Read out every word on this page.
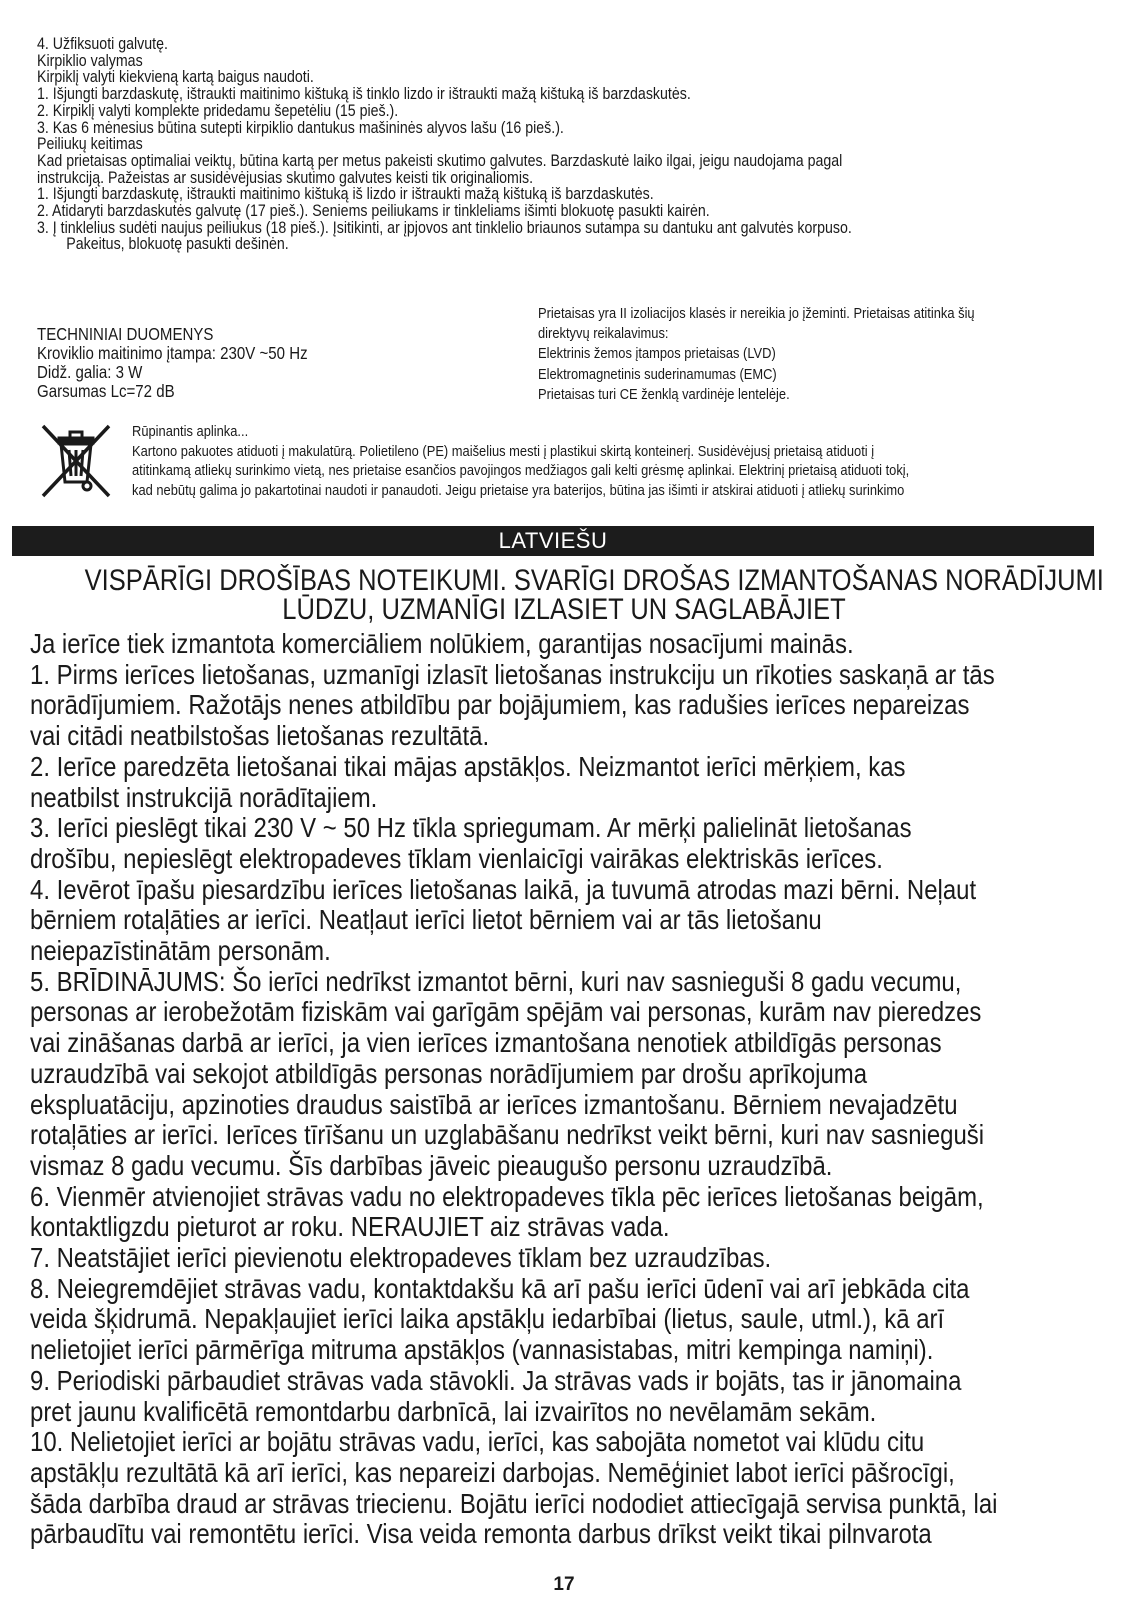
4. Užfiksuoti galvutę.
Kirpiklio valymas
Kirpiklį valyti kiekvieną kartą baigus naudoti.
1. Išjungti barzdaskutę, ištraukti maitinimo kištuką iš tinklo lizdo ir ištraukti mažą kištuką iš barzdaskutės.
2. Kirpiklį valyti komplekte pridedamu šepetėliu (15 pieš.).
3. Kas 6 mėnesius būtina sutepti kirpiklio dantukus mašininės alyvos lašu (16 pieš.).
Peiliukų keitimas
Kad prietaisas optimaliai veiktų, būtina kartą per metus pakeisti skutimo galvutes. Barzdaskutė laiko ilgai, jeigu naudojama pagal
instrukciją. Pažeistas ar susidėvėjusias skutimo galvutes keisti tik originaliomis.
1. Išjungti barzdaskutę, ištraukti maitinimo kištuką iš lizdo ir ištraukti mažą kištuką iš barzdaskutės.
2. Atidaryti barzdaskutės galvutę (17 pieš.). Seniems peiliukams ir tinkleliams išimti blokuotę pasukti kairėn.
3. Į tinklelius sudėti naujus peiliukus (18 pieš.). Įsitikinti, ar įpjovos ant tinklelio briaunos sutampa su dantuku ant galvutės korpuso.
Pakeitus, blokuotę pasukti dešinėn.
TECHNINIAI DUOMENYS
Kroviklio maitinimo įtampa: 230V ~50 Hz
Didž. galia: 3 W
Garsumas Lc=72 dB
Prietaisas yra II izoliacijos klasės ir nereikia jo įžeminti. Prietaisas atitinka šių
direktyvų reikalavimus:
Elektrinis žemos įtampos prietaisas (LVD)
Elektromagnetinis suderinamumas (EMC)
Prietaisas turi CE ženklą vardinėje lentelėje.
Rūpinantis aplinka...
Kartono pakuotes atiduoti į makulatūrą. Polietileno (PE) maišelius mesti į plastikui skirtą konteinerį. Susidėvėjusį prietaisą atiduoti į
atitinkamą atliekų surinkimo vietą, nes prietaise esančios pavojingos medžiagos gali kelti grėsmę aplinkai. Elektrinį prietaisą atiduoti tokį,
kad nebūtų galima jo pakartotinai naudoti ir panaudoti. Jeigu prietaise yra baterijos, būtina jas išimti ir atskirai atiduoti į atliekų surinkimo
LATVIEŠU
VISPĀRĪGI DROŠĪBAS NOTEIKUMI. SVARĪGI DROŠAS IZMANTOŠANAS NORĀDĪJUMI
LŪDZU, UZMANĪGI IZLASIET UN SAGLABĀJIET
Ja ierīce tiek izmantota komerciāliem nolūkiem, garantijas nosacījumi mainās.
1. Pirms ierīces lietošanas, uzmanīgi izlasīt lietošanas instrukciju un rīkoties saskaņā ar tās
norādījumiem. Ražotājs nenes atbildību par bojājumiem, kas radušies ierīces nepareizas
vai citādi neatbilstošas lietošanas rezultātā.
2. Ierīce paredzēta lietošanai tikai mājas apstākļos. Neizmantot ierīci mērķiem, kas
neatbilst instrukcijā norādītajiem.
3. Ierīci pieslēgt tikai 230 V ~ 50 Hz tīkla spriegumam. Ar mērķi palielināt lietošanas
drošību, nepieslēgt elektropadeves tīklam vienlaicīgi vairākas elektriskās ierīces.
4. Ievērot īpašu piesardzību ierīces lietošanas laikā, ja tuvumā atrodas mazi bērni. Neļaut
bērniem rotaļāties ar ierīci. Neatļaut ierīci lietot bērniem vai ar tās lietošanu
neiepazīstinātām personām.
5. BRĪDINĀJUMS: Šo ierīci nedrīkst izmantot bērni, kuri nav sasnieguši 8 gadu vecumu,
personas ar ierobežotām fiziskām vai garīgām spējām vai personas, kurām nav pieredzes
vai zināšanas darbā ar ierīci, ja vien ierīces izmantošana nenotiek atbildīgās personas
uzraudzībā vai sekojot atbildīgās personas norādījumiem par drošu aprīkojuma
ekspluatāciju, apzinoties draudus saistībā ar ierīces izmantošanu. Bērniem nevajadzētu
rotaļāties ar ierīci. Ierīces tīrīšanu un uzglabāšanu nedrīkst veikt bērni, kuri nav sasnieguši
vismaz 8 gadu vecumu. Šīs darbības jāveic pieaugušo personu uzraudzībā.
6. Vienmēr atvienojiet strāvas vadu no elektropadeves tīkla pēc ierīces lietošanas beigām,
kontaktligzdu pieturot ar roku. NERAUJIET aiz strāvas vada.
7. Neatstājiet ierīci pievienotu elektropadeves tīklam bez uzraudzības.
8. Neiegremdējiet strāvas vadu, kontaktdakšu kā arī pašu ierīci ūdenī vai arī jebkāda cita
veida šķidrumā. Nepakļaujiet ierīci laika apstākļu iedarbībai (lietus, saule, utml.), kā arī
nelietojiet ierīci pārmērīga mitruma apstākļos (vannasistabas, mitri kempinga namiņi).
9. Periodiski pārbaudiet strāvas vada stāvokli. Ja strāvas vads ir bojāts, tas ir jānomaina
pret jaunu kvalificētā remontdarbu darbnīcā, lai izvairītos no nevēlamām sekām.
10. Nelietojiet ierīci ar bojātu strāvas vadu, ierīci, kas sabojāta nometot vai klūdu citu
apstākļu rezultātā kā arī ierīci, kas nepareizi darbojas. Nemēģiniet labot ierīci pāšrocīgi,
šāda darbība draud ar strāvas triecienu. Bojātu ierīci nododiet attiecīgajā servisa punktā, lai
pārbaudītu vai remontētu ierīci. Visa veida remonta darbus drīkst veikt tikai pilnvarota
17
